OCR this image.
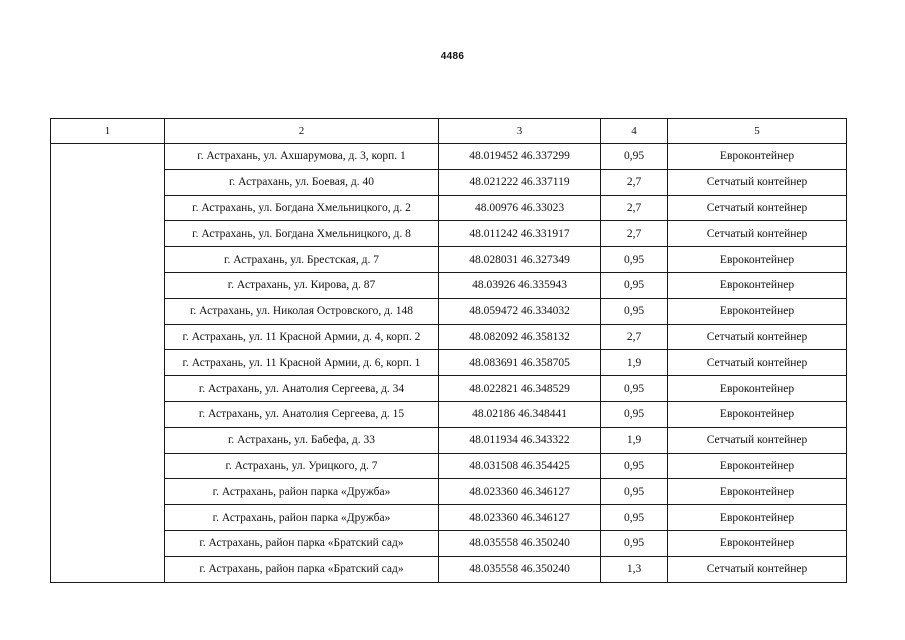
4486
1	2	3	4	5
	г. Астрахань, ул. Ахшарумова, д. 3, корп. 1	48.019452 46.337299	0,95	Евроконтейнер
	г. Астрахань, ул. Боевая, д. 40	48.021222 46.337119	2,7	Сетчатый контейнер
	г. Астрахань, ул. Богдана Хмельницкого, д. 2	48.00976 46.33023	2,7	Сетчатый контейнер
	г. Астрахань, ул. Богдана Хмельницкого, д. 8	48.011242 46.331917	2,7	Сетчатый контейнер
	г. Астрахань, ул. Брестская, д. 7	48.028031 46.327349	0,95	Евроконтейнер
	г. Астрахань, ул. Кирова, д. 87	48.03926 46.335943	0,95	Евроконтейнер
	г. Астрахань, ул. Николая Островского, д. 148	48.059472 46.334032	0,95	Евроконтейнер
	г. Астрахань, ул. 11 Красной Армии, д. 4, корп. 2	48.082092 46.358132	2,7	Сетчатый контейнер
	г. Астрахань, ул. 11 Красной Армии, д. 6, корп. 1	48.083691 46.358705	1,9	Сетчатый контейнер
	г. Астрахань, ул. Анатолия Сергеева, д. 34	48.022821 46.348529	0,95	Евроконтейнер
	г. Астрахань, ул. Анатолия Сергеева, д. 15	48.02186 46.348441	0,95	Евроконтейнер
	г. Астрахань, ул. Бабефа, д. 33	48.011934 46.343322	1,9	Сетчатый контейнер
	г. Астрахань, ул. Урицкого, д. 7	48.031508 46.354425	0,95	Евроконтейнер
	г. Астрахань, район парка «Дружба»	48.023360 46.346127	0,95	Евроконтейнер
	г. Астрахань, район парка «Дружба»	48.023360 46.346127	0,95	Евроконтейнер
	г. Астрахань, район парка «Братский сад»	48.035558 46.350240	0,95	Евроконтейнер
	г. Астрахань, район парка «Братский сад»	48.035558 46.350240	1,3	Сетчатый контейнер
